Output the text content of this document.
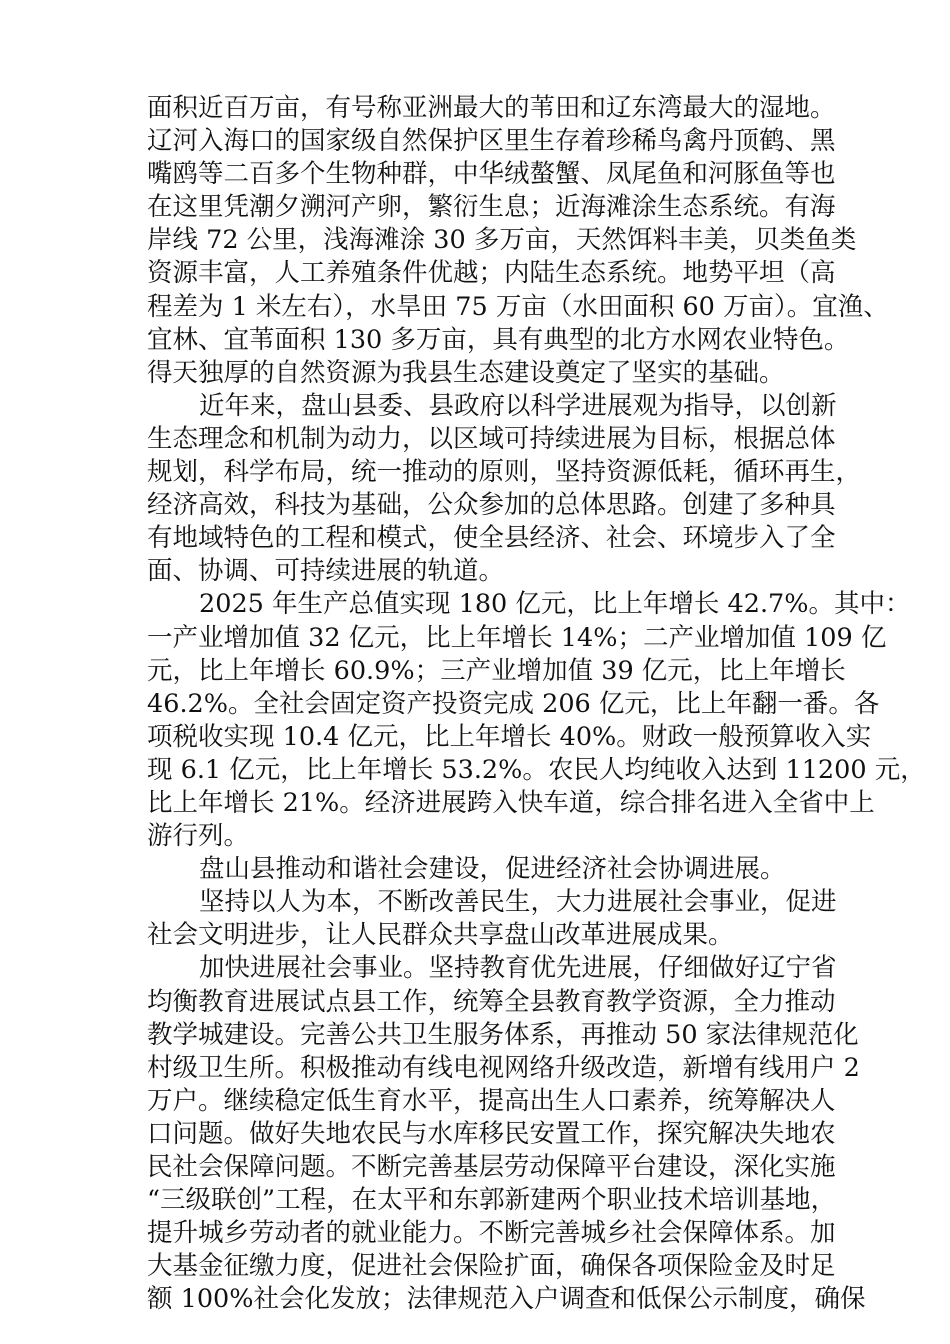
面积近百万亩，有号称亚洲最大的苇田和辽东湾最大的湿地。
辽河入海口的国家级自然保护区里生存着珍稀鸟禽丹顶鹤、黑
嘴鸥等二百多个生物种群，中华绒螯蟹、凤尾鱼和河豚鱼等也
在这里凭潮夕溯河产卵，繁衍生息；近海滩涂生态系统。有海
岸线 72 公里，浅海滩涂 30 多万亩，天然饵料丰美，贝类鱼类
资源丰富，人工养殖条件优越；内陆生态系统。地势平坦（高
程差为 1 米左右），水旱田 75 万亩（水田面积 60 万亩）。宜渔、
宜林、宜苇面积 130 多万亩，具有典型的北方水网农业特色。
得天独厚的自然资源为我县生态建设奠定了坚实的基础。
近年来，盘山县委、县政府以科学进展观为指导，以创新
生态理念和机制为动力，以区域可持续进展为目标，根据总体
规划，科学布局，统一推动的原则，坚持资源低耗，循环再生，
经济高效，科技为基础，公众参加的总体思路。创建了多种具
有地域特色的工程和模式，使全县经济、社会、环境步入了全
面、协调、可持续进展的轨道。
2025 年生产总值实现 180 亿元，比上年增长 42.7%。其中：
一产业增加值 32 亿元，比上年增长 14%；二产业增加值 109 亿
元，比上年增长 60.9%；三产业增加值 39 亿元，比上年增长
46.2%。全社会固定资产投资完成 206 亿元，比上年翻一番。各
项税收实现 10.4 亿元，比上年增长 40%。财政一般预算收入实
现 6.1 亿元，比上年增长 53.2%。农民人均纯收入达到 11200 元，
比上年增长 21%。经济进展跨入快车道，综合排名进入全省中上
游行列。
盘山县推动和谐社会建设，促进经济社会协调进展。
坚持以人为本，不断改善民生，大力进展社会事业，促进
社会文明进步，让人民群众共享盘山改革进展成果。
加快进展社会事业。坚持教育优先进展，仔细做好辽宁省
均衡教育进展试点县工作，统筹全县教育教学资源，全力推动
教学城建设。完善公共卫生服务体系，再推动 50 家法律规范化
村级卫生所。积极推动有线电视网络升级改造，新增有线用户 2
万户。继续稳定低生育水平，提高出生人口素养，统筹解决人
口问题。做好失地农民与水库移民安置工作，探究解决失地农
民社会保障问题。不断完善基层劳动保障平台建设，深化实施
“三级联创”工程，在太平和东郭新建两个职业技术培训基地，
提升城乡劳动者的就业能力。不断完善城乡社会保障体系。加
大基金征缴力度，促进社会保险扩面，确保各项保险金及时足
额 100%社会化发放；法律规范入户调查和低保公示制度，确保
